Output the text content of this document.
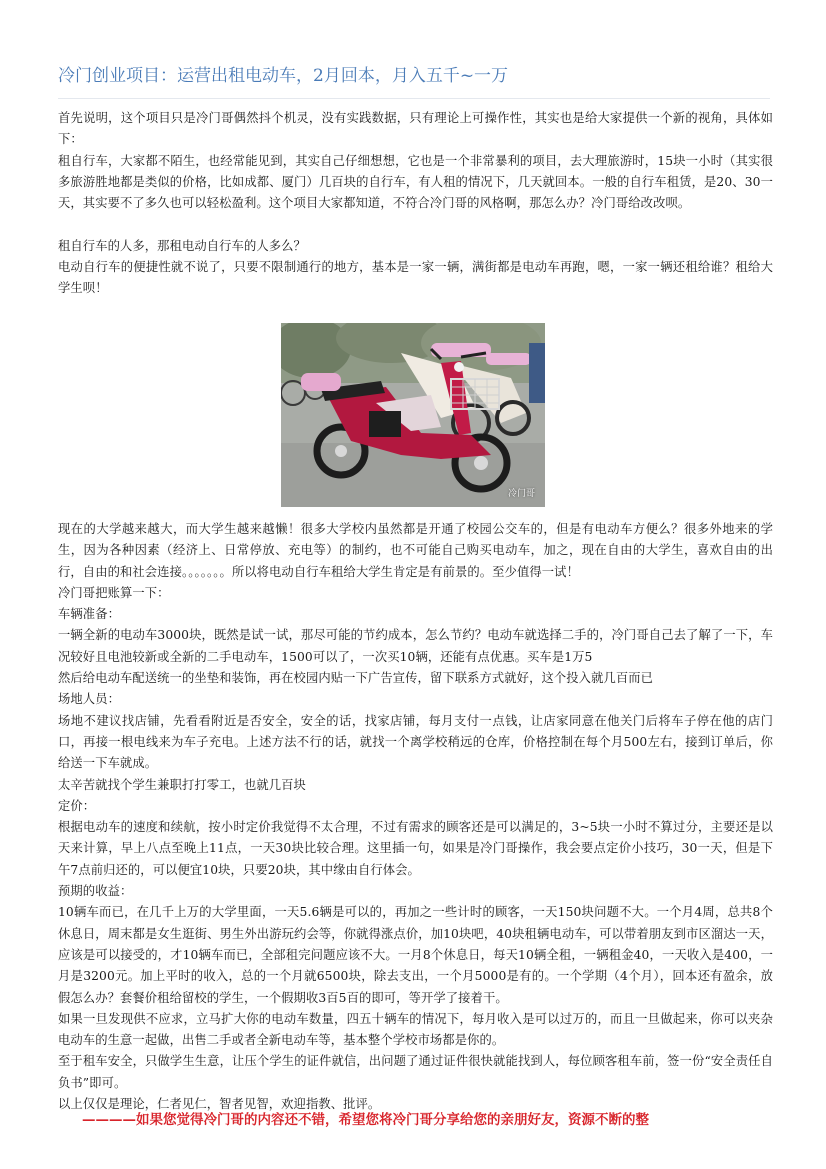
冷门创业项目：运营出租电动车，2月回本，月入五千~一万

首先说明，这个项目只是冷门哥偶然抖个机灵，没有实践数据，只有理论上可操作性，其实也是给大家提供一个新的视角，具体如下：

租自行车，大家都不陌生，也经常能见到，其实自己仔细想想，它也是一个非常暴利的项目，去大理旅游时，15块一小时（其实很多旅游胜地都是类似的价格，比如成都、厦门）几百块的自行车，有人租的情况下，几天就回本。一般的自行车租赁，是20、30一天，其实要不了多久也可以轻松盈利。这个项目大家都知道，不符合冷门哥的风格啊，那怎么办？冷门哥给改改呗。

租自行车的人多，那租电动自行车的人多么？

电动自行车的便捷性就不说了，只要不限制通行的地方，基本是一家一辆，满街都是电动车再跑，嗯，一家一辆还租给谁？租给大学生呗！

冷门哥

现在的大学越来越大，而大学生越来越懒！很多大学校内虽然都是开通了校园公交车的，但是有电动车方便么？很多外地来的学生，因为各种因素（经济上、日常停放、充电等）的制约，也不可能自己购买电动车，加之，现在自由的大学生，喜欢自由的出行，自由的和社会连接。。。。。。。所以将电动自行车租给大学生肯定是有前景的。至少值得一试！

冷门哥把账算一下：

车辆准备：

一辆全新的电动车3000块，既然是试一试，那尽可能的节约成本，怎么节约？电动车就选择二手的，冷门哥自己去了解了一下，车况较好且电池较新或全新的二手电动车，1500可以了，一次买10辆，还能有点优惠。买车是1万5

然后给电动车配送统一的坐垫和装饰，再在校园内贴一下广告宣传，留下联系方式就好，这个投入就几百而已

场地人员：

场地不建议找店铺，先看看附近是否安全，安全的话，找家店铺，每月支付一点钱，让店家同意在他关门后将车子停在他的店门口，再接一根电线来为车子充电。上述方法不行的话，就找一个离学校稍远的仓库，价格控制在每个月500左右，接到订单后，你给送一下车就成。

太辛苦就找个学生兼职打打零工，也就几百块

定价：

根据电动车的速度和续航，按小时定价我觉得不太合理，不过有需求的顾客还是可以满足的，3~5块一小时不算过分，主要还是以天来计算，早上八点至晚上11点，一天30块比较合理。这里插一句，如果是冷门哥操作，我会要点定价小技巧，30一天，但是下午7点前归还的，可以便宜10块，只要20块，其中缘由自行体会。

预期的收益：

10辆车而已，在几千上万的大学里面，一天5.6辆是可以的，再加之一些计时的顾客，一天150块问题不大。一个月4周，总共8个休息日，周末都是女生逛街、男生外出游玩约会等，你就得涨点价，加10块吧，40块租辆电动车，可以带着朋友到市区溜达一天，应该是可以接受的，才10辆车而已，全部租完问题应该不大。一月8个休息日，每天10辆全租，一辆租金40，一天收入是400，一月是3200元。加上平时的收入，总的一个月就6500块，除去支出，一个月5000是有的。一个学期（4个月），回本还有盈余，放假怎么办？套餐价租给留校的学生，一个假期收3百5百的即可，等开学了接着干。

如果一旦发现供不应求，立马扩大你的电动车数量，四五十辆车的情况下，每月收入是可以过万的，而且一旦做起来，你可以夹杂电动车的生意一起做，出售二手或者全新电动车等，基本整个学校市场都是你的。

至于租车安全，只做学生生意，让压个学生的证件就信，出问题了通过证件很快就能找到人，每位顾客租车前，签一份“安全责任自负书”即可。

以上仅仅是理论，仁者见仁，智者见智，欢迎指教、批评。

————如果您觉得冷门哥的内容还不错，希望您将冷门哥分享给您的亲朋好友，资源不断的整
